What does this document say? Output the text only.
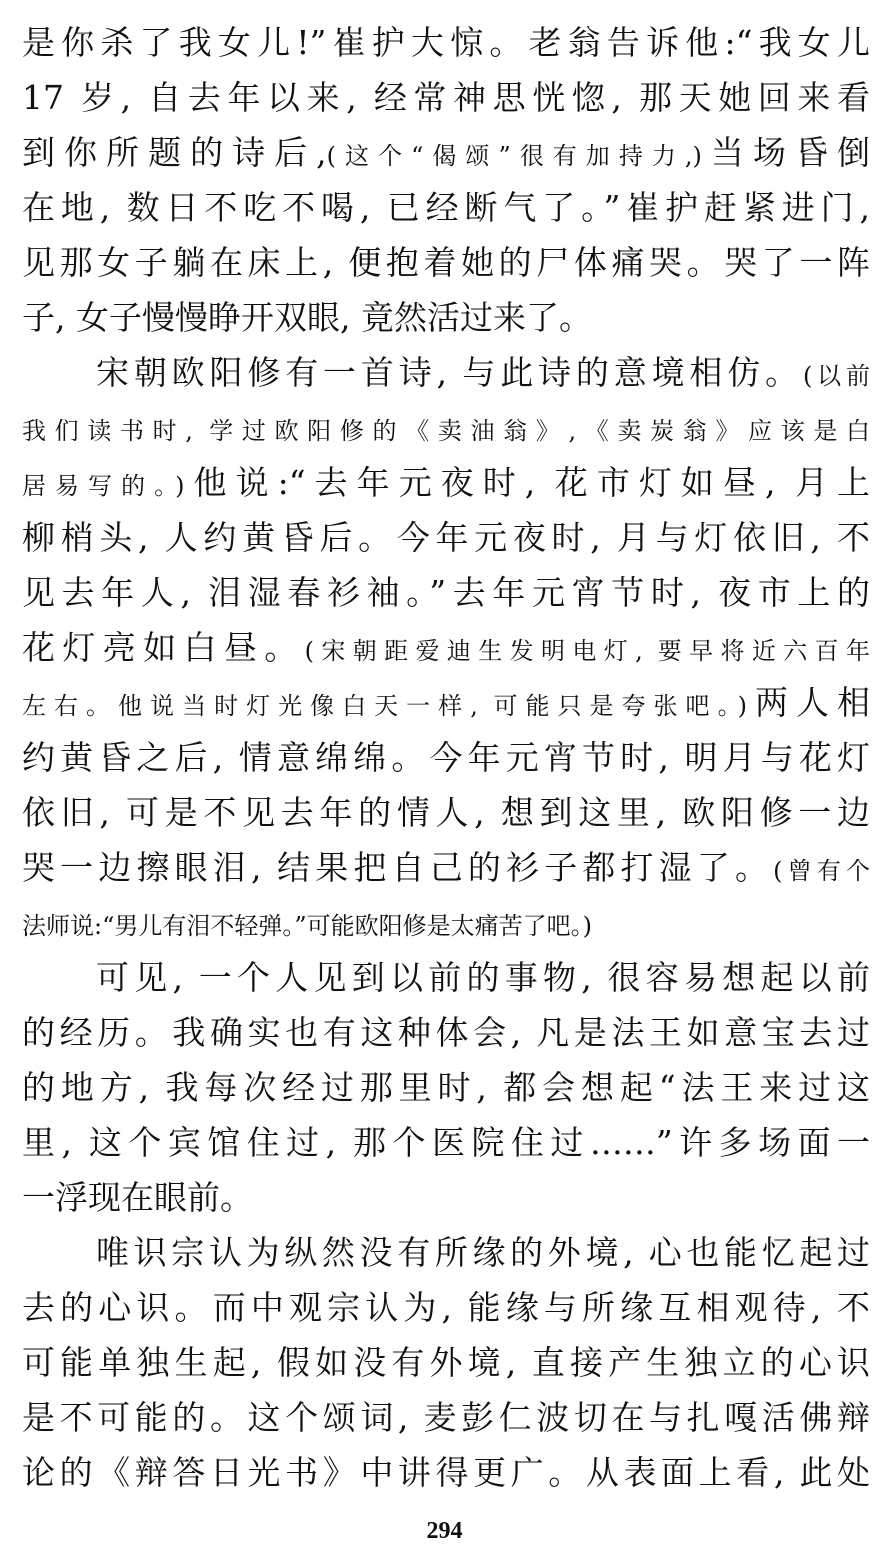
是你杀了我女儿!”崔护大惊。老翁告诉他:“我女儿
17 岁, 自去年以来, 经常神思恍惚, 那天她回来看
到你所题的诗后,(这个“偈颂”很有加持力,)当场昏倒
在地, 数日不吃不喝, 已经断气了。”崔护赶紧进门,
见那女子躺在床上, 便抱着她的尸体痛哭。哭了一阵
子, 女子慢慢睁开双眼, 竟然活过来了。
宋朝欧阳修有一首诗, 与此诗的意境相仿。(以前
我们读书时, 学过欧阳修的《卖油翁》,《卖炭翁》应该是白
居易写的。)他说:“去年元夜时, 花市灯如昼, 月上
柳梢头, 人约黄昏后。今年元夜时, 月与灯依旧, 不
见去年人, 泪湿春衫袖。”去年元宵节时, 夜市上的
花灯亮如白昼。(宋朝距爱迪生发明电灯, 要早将近六百年
左右。他说当时灯光像白天一样, 可能只是夸张吧。)两人相
约黄昏之后, 情意绵绵。今年元宵节时, 明月与花灯
依旧, 可是不见去年的情人, 想到这里, 欧阳修一边
哭一边擦眼泪, 结果把自己的衫子都打湿了。(曾有个
法师说:“男儿有泪不轻弹。”可能欧阳修是太痛苦了吧。)
可见, 一个人见到以前的事物, 很容易想起以前
的经历。我确实也有这种体会, 凡是法王如意宝去过
的地方, 我每次经过那里时, 都会想起“法王来过这
里, 这个宾馆住过, 那个医院住过……”许多场面一
一浮现在眼前。
唯识宗认为纵然没有所缘的外境, 心也能忆起过
去的心识。而中观宗认为, 能缘与所缘互相观待, 不
可能单独生起, 假如没有外境, 直接产生独立的心识
是不可能的。这个颂词, 麦彭仁波切在与扎嘎活佛辩
论的《辩答日光书》中讲得更广。从表面上看, 此处
294
